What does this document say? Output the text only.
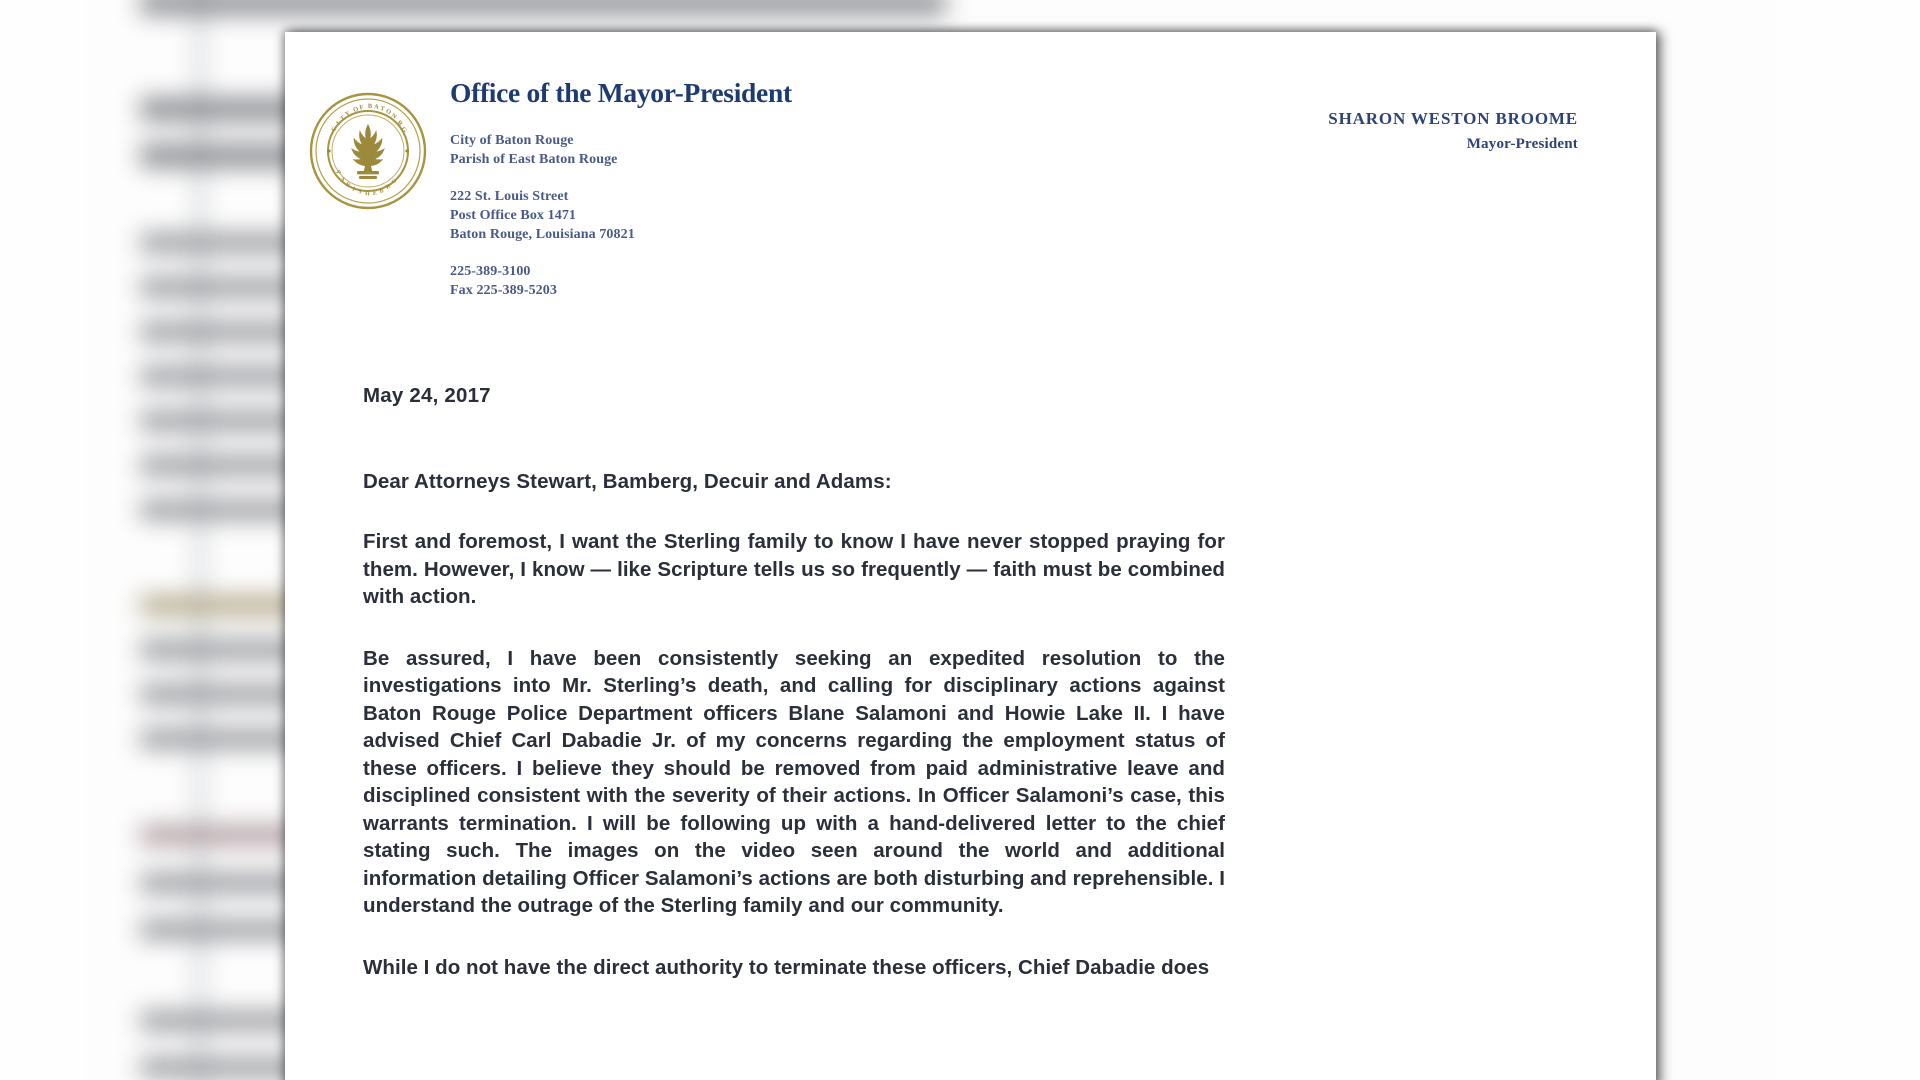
C
I
T
Y O
F B A T
O
N
R
G
P
A
R
I S H E B
R
G
Office of the Mayor-President
City of Baton Rouge
Parish of East Baton Rouge
222 St. Louis Street
Post Office Box 1471
Baton Rouge, Louisiana 70821
225-389-3100
Fax 225-389-5203
SHARON WESTON BROOME
Mayor-President
May 24, 2017
Dear Attorneys Stewart, Bamberg, Decuir and Adams:
First and foremost, I want the Sterling family to know I have never stopped praying for them. However, I know — like Scripture tells us so frequently — faith must be combined with action.
Be assured, I have been consistently seeking an expedited resolution to the investigations into Mr. Sterling’s death, and calling for disciplinary actions against Baton Rouge Police Department officers Blane Salamoni and Howie Lake II. I have advised Chief Carl Dabadie Jr. of my concerns regarding the employment status of these officers. I believe they should be removed from paid administrative leave and disciplined consistent with the severity of their actions. In Officer Salamoni’s case, this warrants termination. I will be following up with a hand-delivered letter to the chief stating such. The images on the video seen around the world and additional information detailing Officer Salamoni’s actions are both disturbing and reprehensible. I understand the outrage of the Sterling family and our community.
While I do not have the direct authority to terminate these officers, Chief Dabadie does
